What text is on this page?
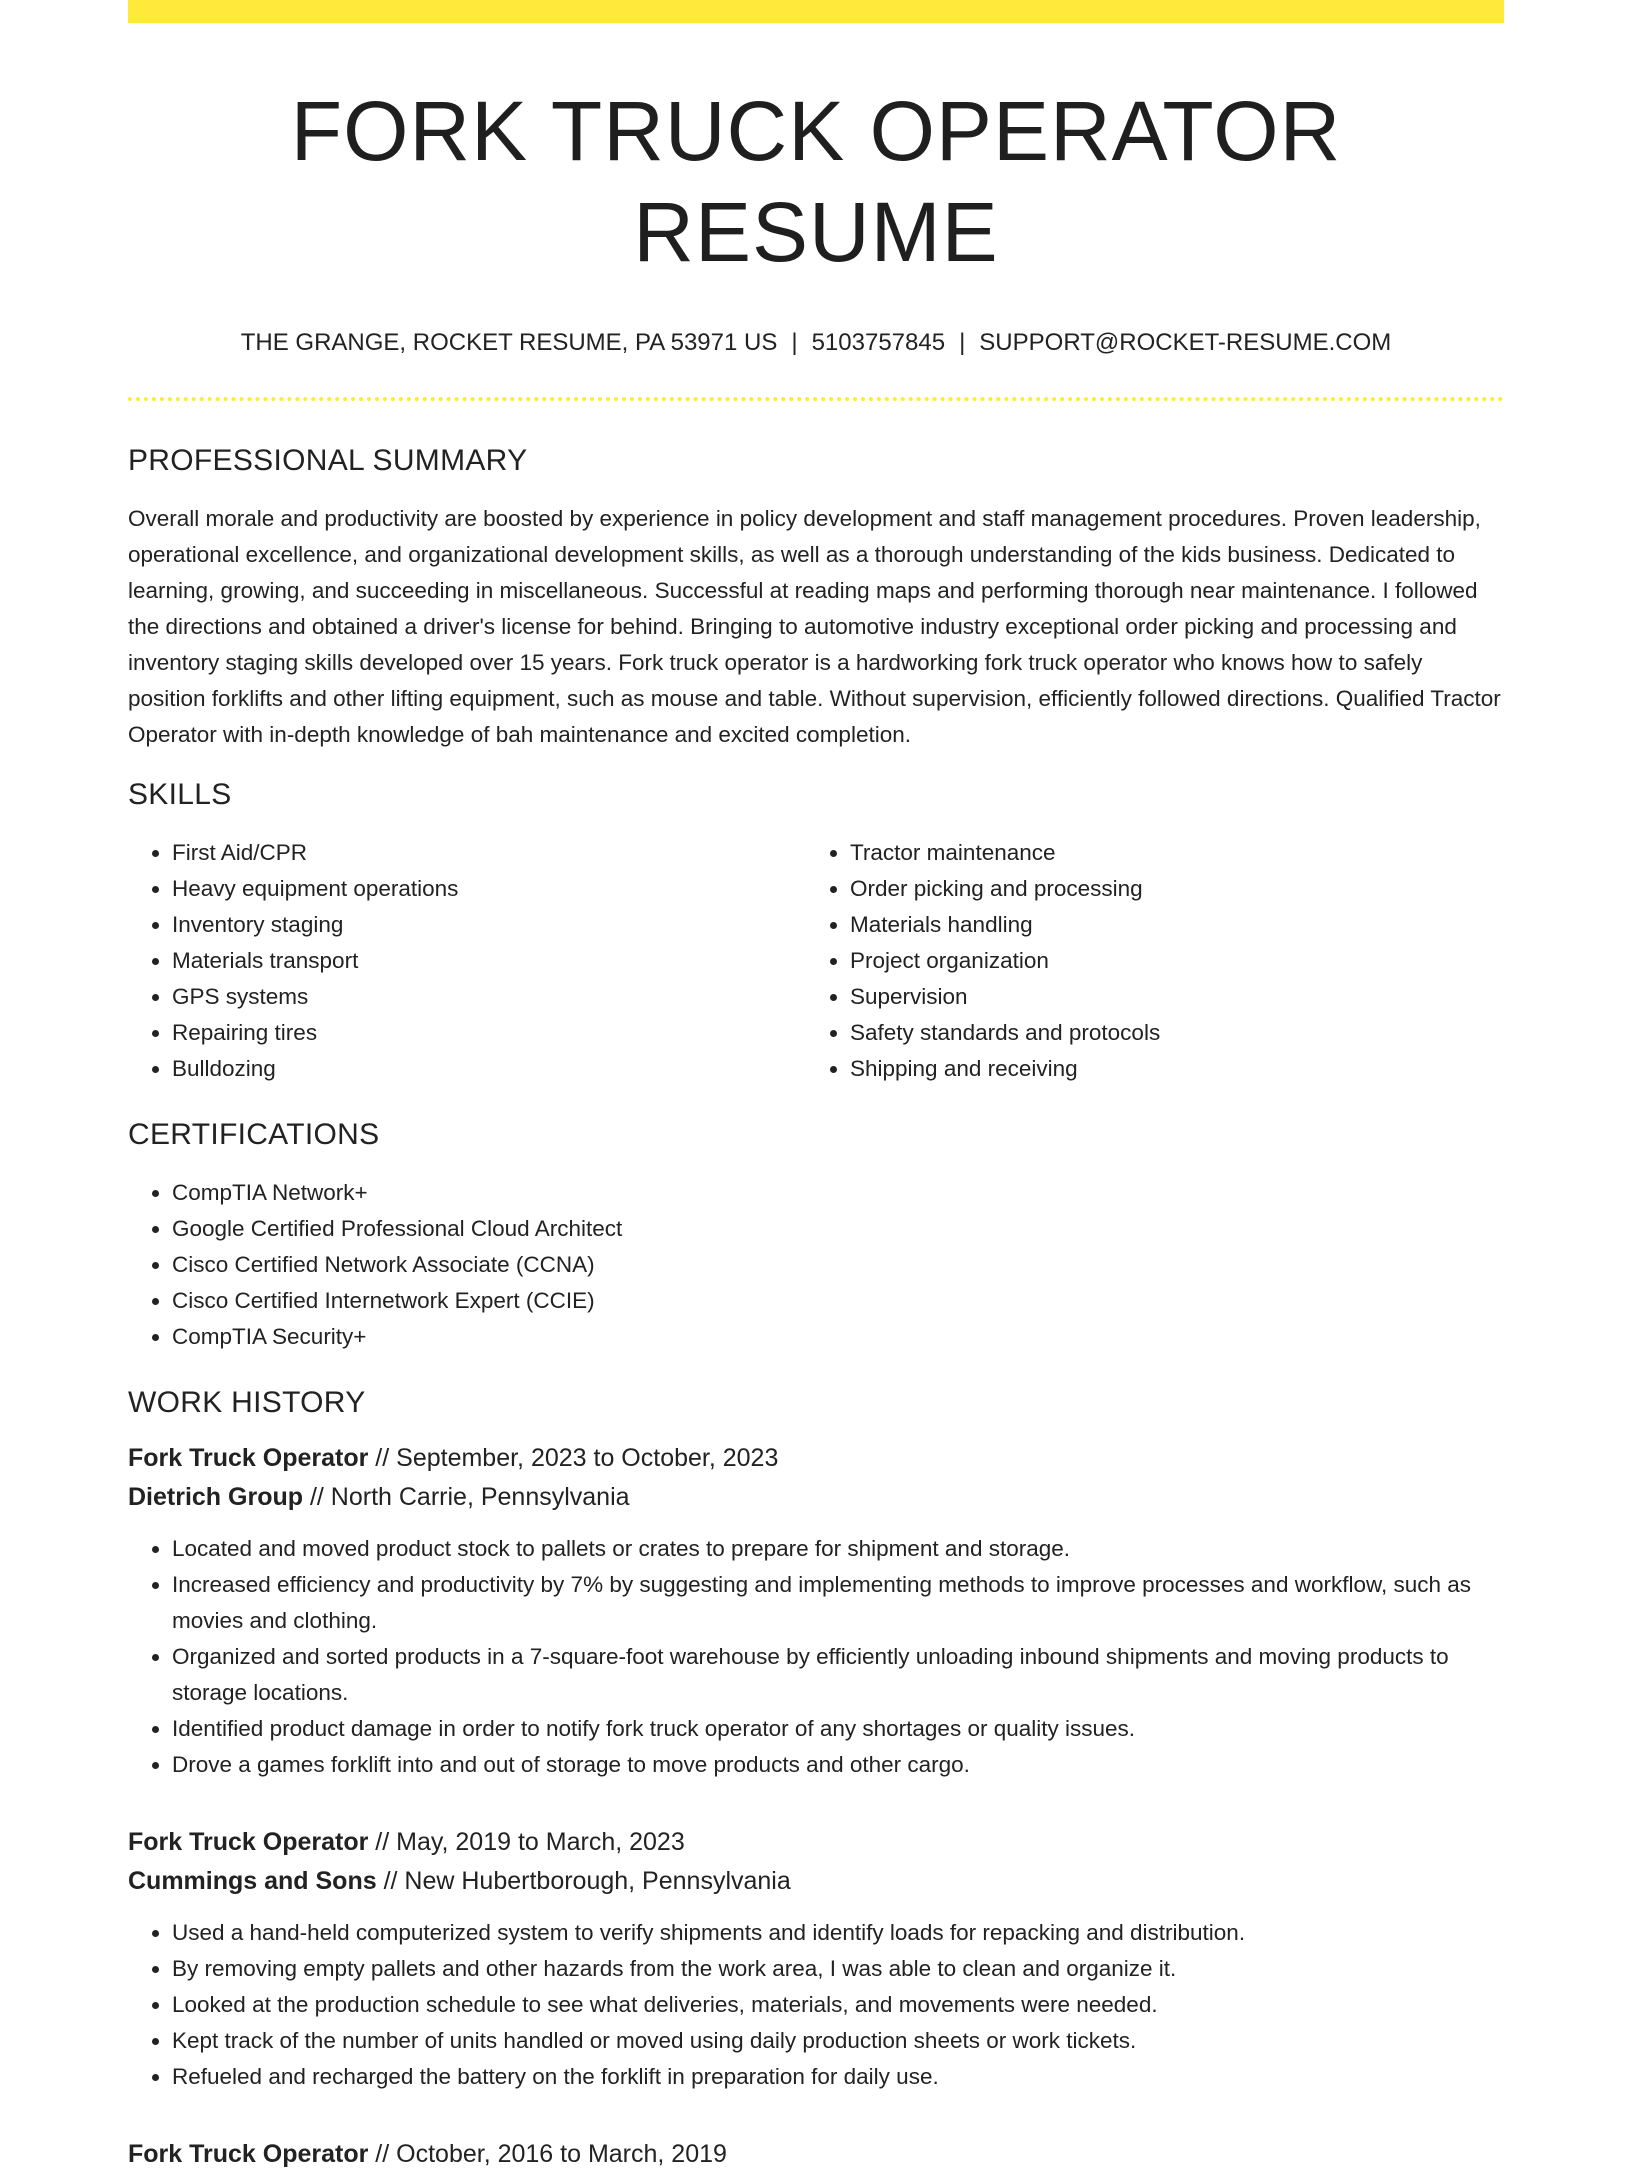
FORK TRUCK OPERATOR RESUME
THE GRANGE, ROCKET RESUME, PA 53971 US | 5103757845 | SUPPORT@ROCKET-RESUME.COM
PROFESSIONAL SUMMARY

Overall morale and productivity are boosted by experience in policy development and staff management procedures. Proven leadership, operational excellence, and organizational development skills, as well as a thorough understanding of the kids business. Dedicated to learning, growing, and succeeding in miscellaneous. Successful at reading maps and performing thorough near maintenance. I followed the directions and obtained a driver's license for behind. Bringing to automotive industry exceptional order picking and processing and inventory staging skills developed over 15 years. Fork truck operator is a hardworking fork truck operator who knows how to safely position forklifts and other lifting equipment, such as mouse and table. Without supervision, efficiently followed directions. Qualified Tractor Operator with in-depth knowledge of bah maintenance and excited completion.

SKILLS
• First Aid/CPR
• Heavy equipment operations
• Inventory staging
• Materials transport
• GPS systems
• Repairing tires
• Bulldozing
• Tractor maintenance
• Order picking and processing
• Materials handling
• Project organization
• Supervision
• Safety standards and protocols
• Shipping and receiving
CERTIFICATIONS
• CompTIA Network+
• Google Certified Professional Cloud Architect
• Cisco Certified Network Associate (CCNA)
• Cisco Certified Internetwork Expert (CCIE)
• CompTIA Security+
WORK HISTORY
Fork Truck Operator // September, 2023 to October, 2023
Dietrich Group // North Carrie, Pennsylvania
• Located and moved product stock to pallets or crates to prepare for shipment and storage.
• Increased efficiency and productivity by 7% by suggesting and implementing methods to improve processes and workflow, such as movies and clothing.
• Organized and sorted products in a 7-square-foot warehouse by efficiently unloading inbound shipments and moving products to storage locations.
• Identified product damage in order to notify fork truck operator of any shortages or quality issues.
• Drove a games forklift into and out of storage to move products and other cargo.
Fork Truck Operator // May, 2019 to March, 2023
Cummings and Sons // New Hubertborough, Pennsylvania
• Used a hand-held computerized system to verify shipments and identify loads for repacking and distribution.
• By removing empty pallets and other hazards from the work area, I was able to clean and organize it.
• Looked at the production schedule to see what deliveries, materials, and movements were needed.
• Kept track of the number of units handled or moved using daily production sheets or work tickets.
• Refueled and recharged the battery on the forklift in preparation for daily use.
Fork Truck Operator // October, 2016 to March, 2019
